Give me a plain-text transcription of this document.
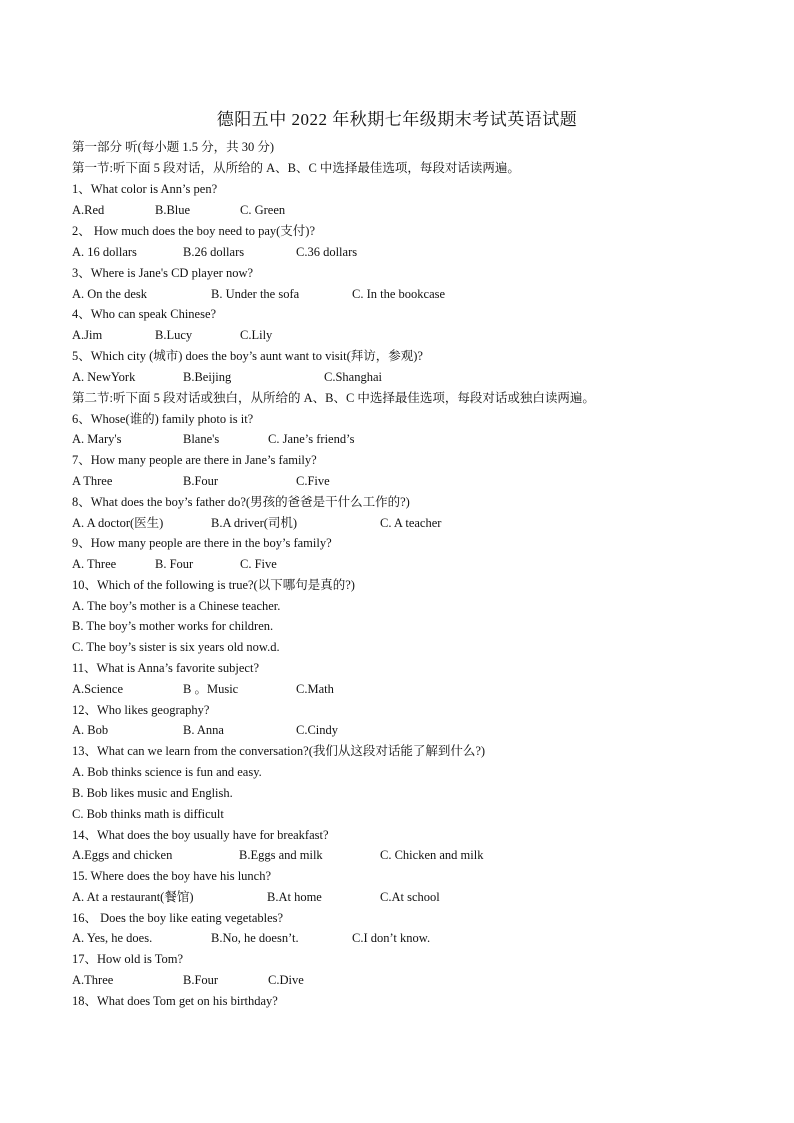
德阳五中 2022 年秋期七年级期末考试英语试题
第一部分 听(每小题 1.5 分，共 30 分)
第一节:听下面 5 段对话，从所给的 A、B、C 中选择最佳选项，每段对话读两遍。
1、What color is Ann’s pen?
A.Red	B.Blue	C. Green
2、 How much does the boy need to pay(支付)?
A. 16 dollars	B.26 dollars	C.36 dollars
3、Where is Jane's CD player now?
A. On the desk	B. Under the sofa	C. In the bookcase
4、Who can speak Chinese?
A.Jim	B.Lucy	C.Lily
5、Which city (城市) does the boy’s aunt want to visit(拜访，参观)?
A. NewYork	B.Beijing	C.Shanghai
第二节:听下面 5 段对话或独白，从所给的 A、B、C 中选择最佳选项，每段对话或独白读两遍。
6、Whose(谁的) family photo is it?
A. Mary's	Blane's	C. Jane’s friend’s
7、How many people are there in Jane’s family?
A Three	B.Four	C.Five
8、What does the boy’s father do?(男孩的爸爸是干什么工作的?)
A. A doctor(医生)	B.A driver(司机)	C. A teacher
9、How many people are there in the boy’s family?
A. Three	B. Four	C. Five
10、Which of the following is true?(以下哪句是真的?)
A. The boy’s mother is a Chinese teacher.
B. The boy’s mother works for children.
C. The boy’s sister is six years old now.d.
11、What is Anna’s favorite subject?
A.Science	B 。Music	C.Math
12、Who likes geography?
A. Bob	B. Anna	C.Cindy
13、What can we learn from the conversation?(我们从这段对话能了解到什么?)
A. Bob thinks science is fun and easy.
B. Bob likes music and English.
C. Bob thinks math is difficult
14、What does the boy usually have for breakfast?
A.Eggs and chicken	B.Eggs and milk	C. Chicken and milk
15. Where does the boy have his lunch?
A. At a restaurant(餐馆)	B.At home	C.At school
16、 Does the boy like eating vegetables?
A. Yes, he does.	B.No, he doesn’t.	C.I don’t know.
17、How old is Tom?
A.Three	B.Four	C.Dive
18、What does Tom get on his birthday?
